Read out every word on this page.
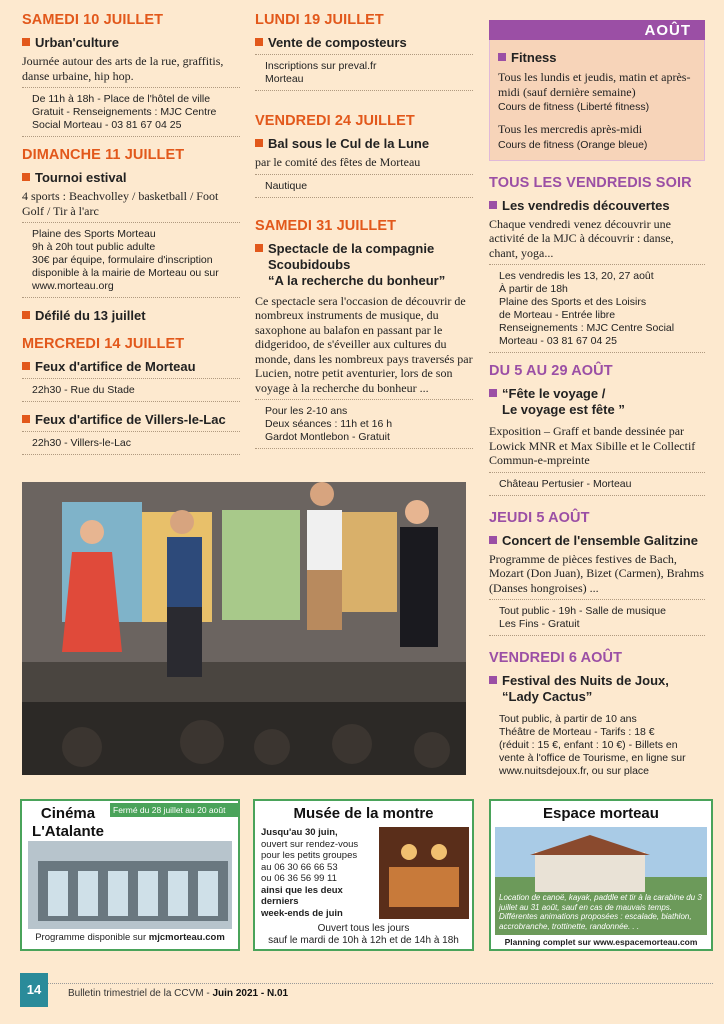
SAMEDI 10 JUILLET
Urban'culture
Journée autour des arts de la rue, graffitis, danse urbaine, hip hop.
De 11h à 18h - Place de l'hôtel de ville
Gratuit - Renseignements : MJC Centre
Social Morteau - 03 81 67 04 25
DIMANCHE 11 JUILLET
Tournoi estival
4 sports : Beachvolley / basketball / Foot Golf / Tir à l'arc
Plaine des Sports Morteau
9h à 20h tout public adulte
30€ par équipe, formulaire d'inscription disponible à la mairie de Morteau ou sur www.morteau.org
Défilé du 13 juillet
MERCREDI 14 JUILLET
Feux d'artifice de Morteau
22h30 - Rue du Stade
Feux d'artifice de Villers-le-Lac
22h30 - Villers-le-Lac
LUNDI 19 JUILLET
Vente de composteurs
Inscriptions sur preval.fr
Morteau
VENDREDI 24 JUILLET
Bal sous le Cul de la Lune
par le comité des fêtes de Morteau
Nautique
SAMEDI 31 JUILLET
Spectacle de la compagnie
Scoubidoubs
“A la recherche du bonheur”
Ce spectacle sera l'occasion de découvrir de nombreux instruments de musique, du saxophone au balafon en passant par le didgeridoo, de s'éveiller aux cultures du monde, dans les nombreux pays traversés par Lucien, notre petit aventurier, lors de son voyage à la recherche du bonheur ...
Pour les 2-10 ans
Deux séances : 11h et 16 h
Gardot Montlebon - Gratuit
AOÛT
Fitness
Tous les lundis et jeudis, matin et après-midi (sauf dernière semaine)
Cours de fitness (Liberté fitness)
Tous les mercredis après-midi
Cours de fitness (Orange bleue)
TOUS LES VENDREDIS SOIR
Les vendredis découvertes
Chaque vendredi venez découvrir une activité de la MJC à découvrir : danse, chant, yoga...
Les vendredis les 13, 20, 27 août
À partir de 18h
Plaine des Sports et des Loisirs
de Morteau - Entrée libre
Renseignements : MJC Centre Social
Morteau - 03 81 67 04 25
DU 5 AU 29 AOÛT
“Fête le voyage /
Le voyage est fête ”
Exposition – Graff et bande dessinée par Lowick MNR et Max Sibille et le Collectif Commun-e-mpreinte
Château Pertusier - Morteau
JEUDI 5 AOÛT
Concert de l'ensemble Galitzine
Programme de pièces festives de Bach, Mozart (Don Juan), Bizet (Carmen), Brahms (Danses hongroises) ...
Tout public - 19h - Salle de musique
Les Fins - Gratuit
VENDREDI 6 AOÛT
Festival des Nuits de Joux,
“Lady Cactus”
Tout public, à partir de 10 ans
Théâtre de Morteau - Tarifs : 18 €
(réduit : 15 €, enfant : 10 €) - Billets en vente à l'office de Tourisme, en ligne sur www.nuitsdejoux.fr, ou sur place
Cinéma
L'Atalante
Fermé du 28 juillet au 20 août
Programme disponible sur mjcmorteau.com
Musée de la montre
Jusqu'au 30 juin,
ouvert sur rendez-vous
pour les petits groupes
au 06 30 66 66 53
ou 06 36 56 99 11
ainsi que les deux derniers
week-ends de juin
Ouvert tous les jours
sauf le mardi de 10h à 12h et de 14h à 18h
Espace morteau
Location de canoë, kayak, paddle et tir à la carabine du 3 juillet au 31 août, sauf en cas de mauvais temps. Différentes animations proposées : escalade, biathlon, accrobranche, trottinette, randonnée. . .
Planning complet sur www.espacemorteau.com
14	Bulletin trimestriel de la CCVM - Juin 2021 - N.01
